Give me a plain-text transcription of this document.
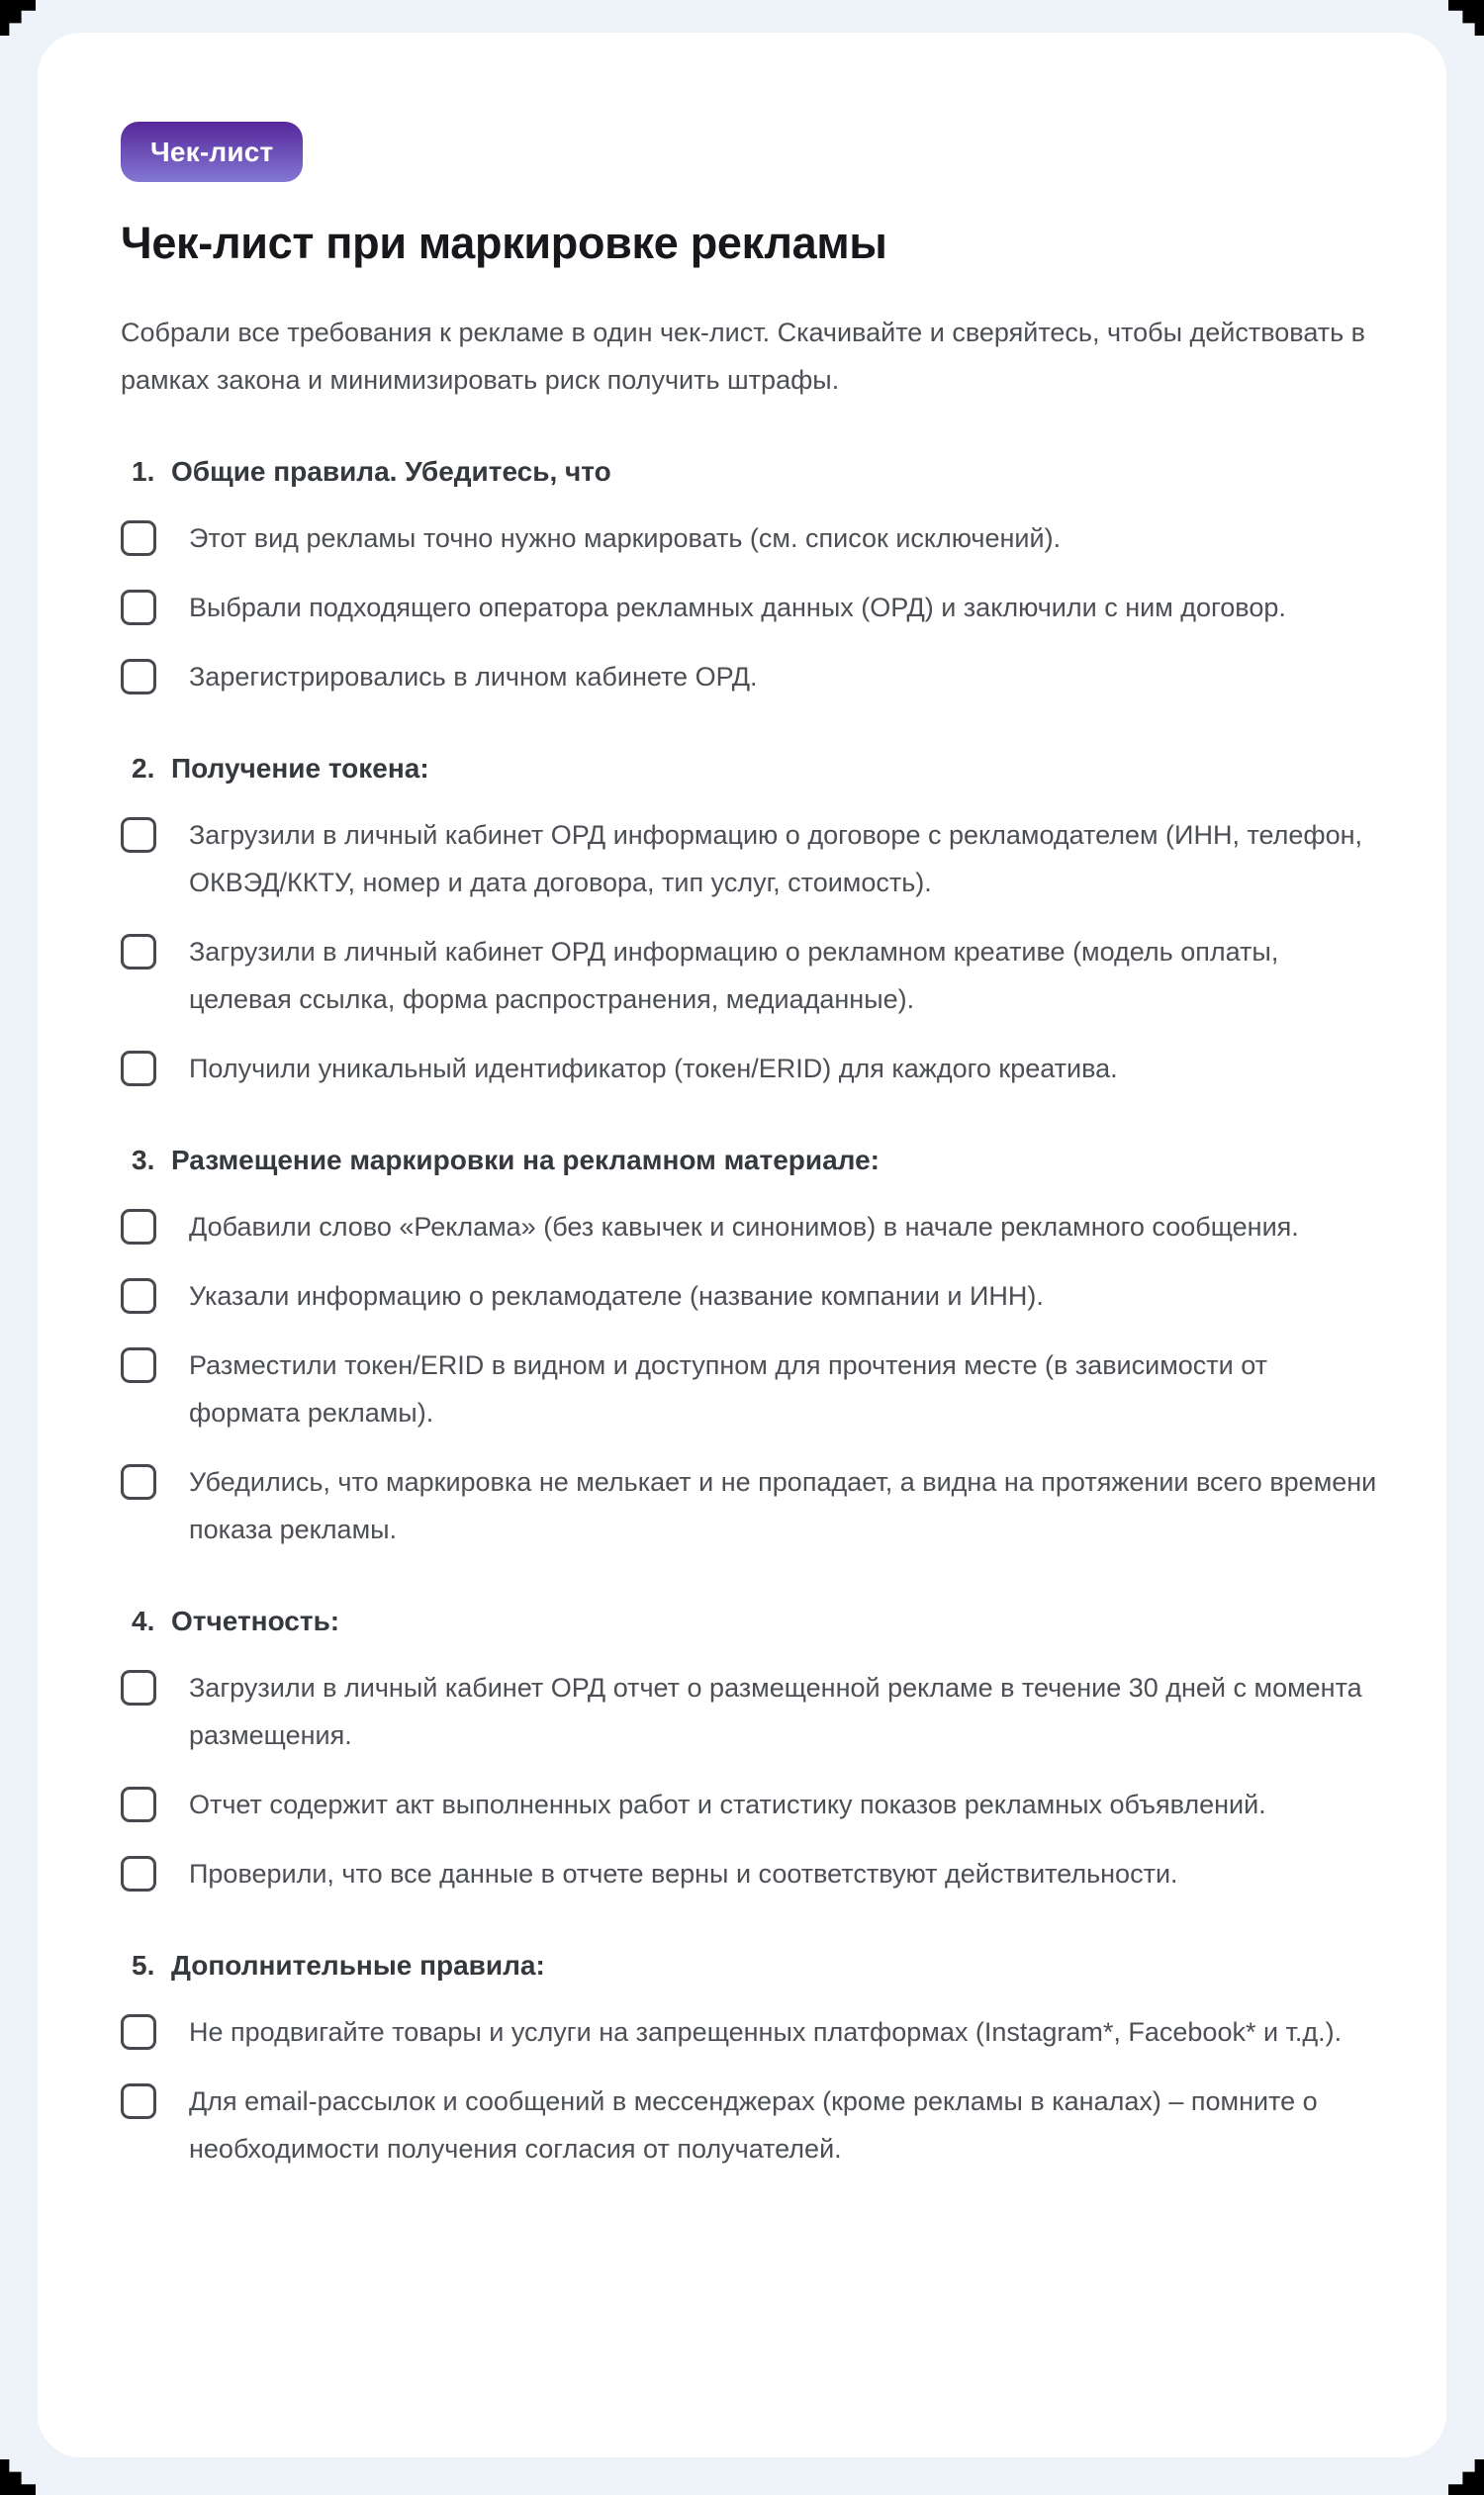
Чек-лист
Чек-лист при маркировке рекламы

Собрали все требования к рекламе в один чек-лист. Скачивайте и сверяйтесь, чтобы действовать в рамках закона и минимизировать риск получить штрафы.

1. Общие правила. Убедитесь, что
Этот вид рекламы точно нужно маркировать (см. список исключений).
Выбрали подходящего оператора рекламных данных (ОРД) и заключили с ним договор.
Зарегистрировались в личном кабинете ОРД.
2. Получение токена:
Загрузили в личный кабинет ОРД информацию о договоре с рекламодателем (ИНН, телефон, ОКВЭД/ККТУ, номер и дата договора, тип услуг, стоимость).
Загрузили в личный кабинет ОРД информацию о рекламном креативе (модель оплаты, целевая ссылка, форма распространения, медиаданные).
Получили уникальный идентификатор (токен/ERID) для каждого креатива.
3. Размещение маркировки на рекламном материале:
Добавили слово «Реклама» (без кавычек и синонимов) в начале рекламного сообщения.
Указали информацию о рекламодателе (название компании и ИНН).
Разместили токен/ERID в видном и доступном для прочтения месте (в зависимости от формата рекламы).
Убедились, что маркировка не мелькает и не пропадает, а видна на протяжении всего времени показа рекламы.
4. Отчетность:
Загрузили в личный кабинет ОРД отчет о размещенной рекламе в течение 30 дней с момента размещения.
Отчет содержит акт выполненных работ и статистику показов рекламных объявлений.
Проверили, что все данные в отчете верны и соответствуют действительности.
5. Дополнительные правила:
Не продвигайте товары и услуги на запрещенных платформах (Instagram*, Facebook* и т.д.).
Для email-рассылок и сообщений в мессенджерах (кроме рекламы в каналах) – помните о необходимости получения согласия от получателей.
